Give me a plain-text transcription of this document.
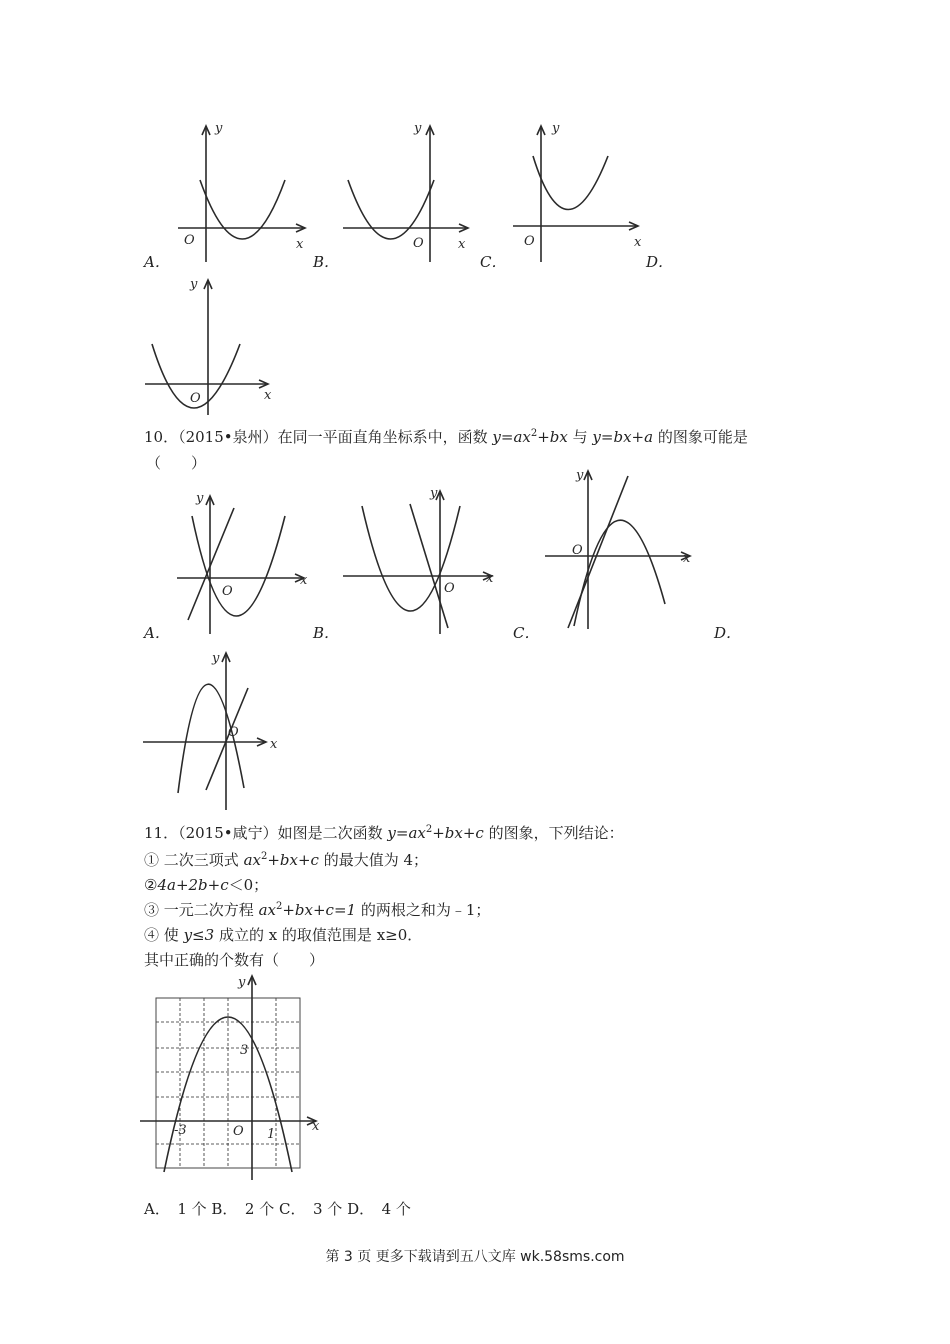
y
x
O
A．
y
x
O
B．
y
x
O
C．	D．
y
x
O
10．（2015•泉州）在同一平面直角坐标系中，函数 $y=ax^2+bx$ 与 y=bx+a 的图象可能是
（　　）
y
x
O
A．
y
x
O
B．
y
x
O
C．	D．
y
x
O
11．（2015•咸宁）如图是二次函数 $y=ax^2+bx+c$ 的图象，下列结论：
① 二次三项式 $ax^2+bx+c$ 的最大值为 4；
②4a+2b+c＜0；
③ 一元二次方程 $ax^2+bx+c=1$ 的两根之和为﹣1；
④ 使 y≤3 成立的 x 的取值范围是 x≥0．
其中正确的个数有（　　）
y
x
O
3
-3	1
A．　1 个 B．　2 个 C．　3 个 D．　4 个
第 3 页 更多下载请到五八文库 wk.58sms.com
